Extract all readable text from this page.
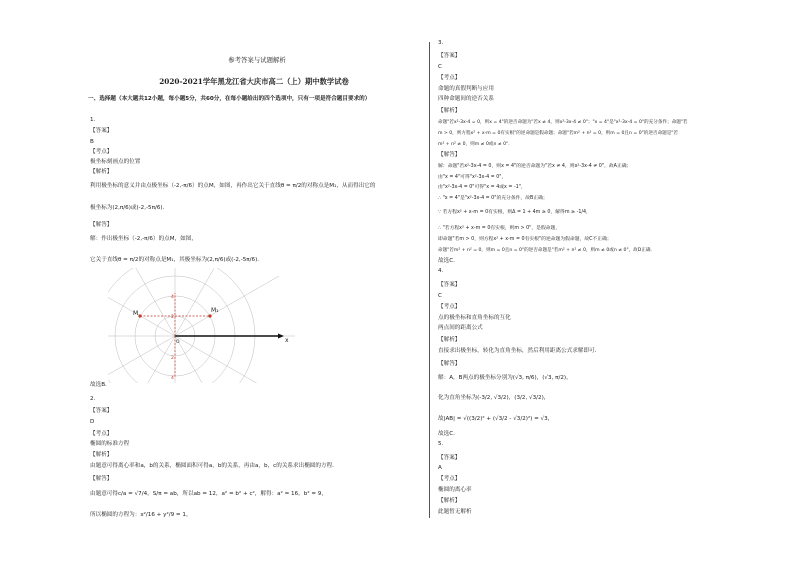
参考答案与试题解析
2020-2021学年黑龙江省大庆市高二（上）期中数学试卷
一、选择题（本大题共12小题，每小题5分，共60分，在每小题给出的四个选项中，只有一项是符合题目要求的）
1.
【答案】
B
【考点】
极坐标刻画点的位置
【解析】
利用极坐标的意义并由点极坐标（-2,-π/6）的点M，如图，再作出它关于直线θ = π/2的对称点是M₁，从而得出它的
极坐标为(2,π/6)或(-2,-5π/6)．
【解答】
解：作出极坐标（-2,-π/6）的点M，如图，
它关于直线θ = π/2的对称点是M₁，其极坐标为(2,π/6)或(-2,-5π/6)．
M	M₁
x
O
2
4
2
4
故选B．
2.
【答案】
D
【考点】
椭圆的标准方程
【解析】
由题意可得离心率和a，b的关系，椭圆面积可得a，b的关系，再由a，b，c的关系求出椭圆的方程．
【解答】
由题意可得c/a = √7/4，S/π = ab，所以ab = 12，a² = b² + c²，解得：a² = 16，b² = 9，
所以椭圆的方程为：x²/16 + y²/9 = 1，
3.
【答案】
C
【考点】
命题的真假判断与应用
四种命题间的逆否关系
【解析】
命题"若x²-3x-4 = 0，则x = 4"的逆否命题为"若x ≠ 4，则x²-3x-4 ≠ 0"；"x = 4"是"x²-3x-4 = 0"的充分条件；命题"若
m > 0，则方程x² + x-m = 0有实根"的逆命题是假命题；命题"若m² + n² = 0，则m = 0且n = 0"的逆否命题是"若
m² + n² ≠ 0，则m ≠ 0或n ≠ 0"．
【解答】
解：命题"若x²-3x-4 = 0，则x = 4"的逆否命题为"若x ≠ 4，则x²-3x-4 ≠ 0"，故A正确；
由"x = 4"可得"x²-3x-4 = 0"，
由"x²-3x-4 = 0"可得"x = 4或x = -1"，
∴ "x = 4"是"x²-3x-4 = 0"的充分条件，故B正确；
∵ 若方程x² + x-m = 0有实根，则Δ = 1 + 4m ≥ 0，解得m ≥ -1/4，
∴ "若方程x² + x-m = 0有实根，则m > 0"，是假命题，
即命题"若m > 0，则方程x² + x-m = 0有实根"的逆命题为假命题，故C不正确；
命题"若m² + n² = 0，则m = 0且n = 0"的逆否命题是"若m² + n² ≠ 0，则m ≠ 0或n ≠ 0"，故D正确．
故选C．
4.
【答案】
C
【考点】
点的极坐标和直角坐标的互化
两点间的距离公式
【解析】
直接求出极坐标，转化为直角坐标，然后利用距离公式求解即可．
【解答】
解：A，B两点的极坐标分别为(√3, π/6)，(√3, π/2)，
化为直角坐标为(-3/2, √3/2)，(3/2, √3/2)，
故|AB| = √((3/2)² + (√3/2 - √3/2)²) = √3，
故选C．
5.
【答案】
A
【考点】
椭圆的离心率
【解析】
此题暂无解析
